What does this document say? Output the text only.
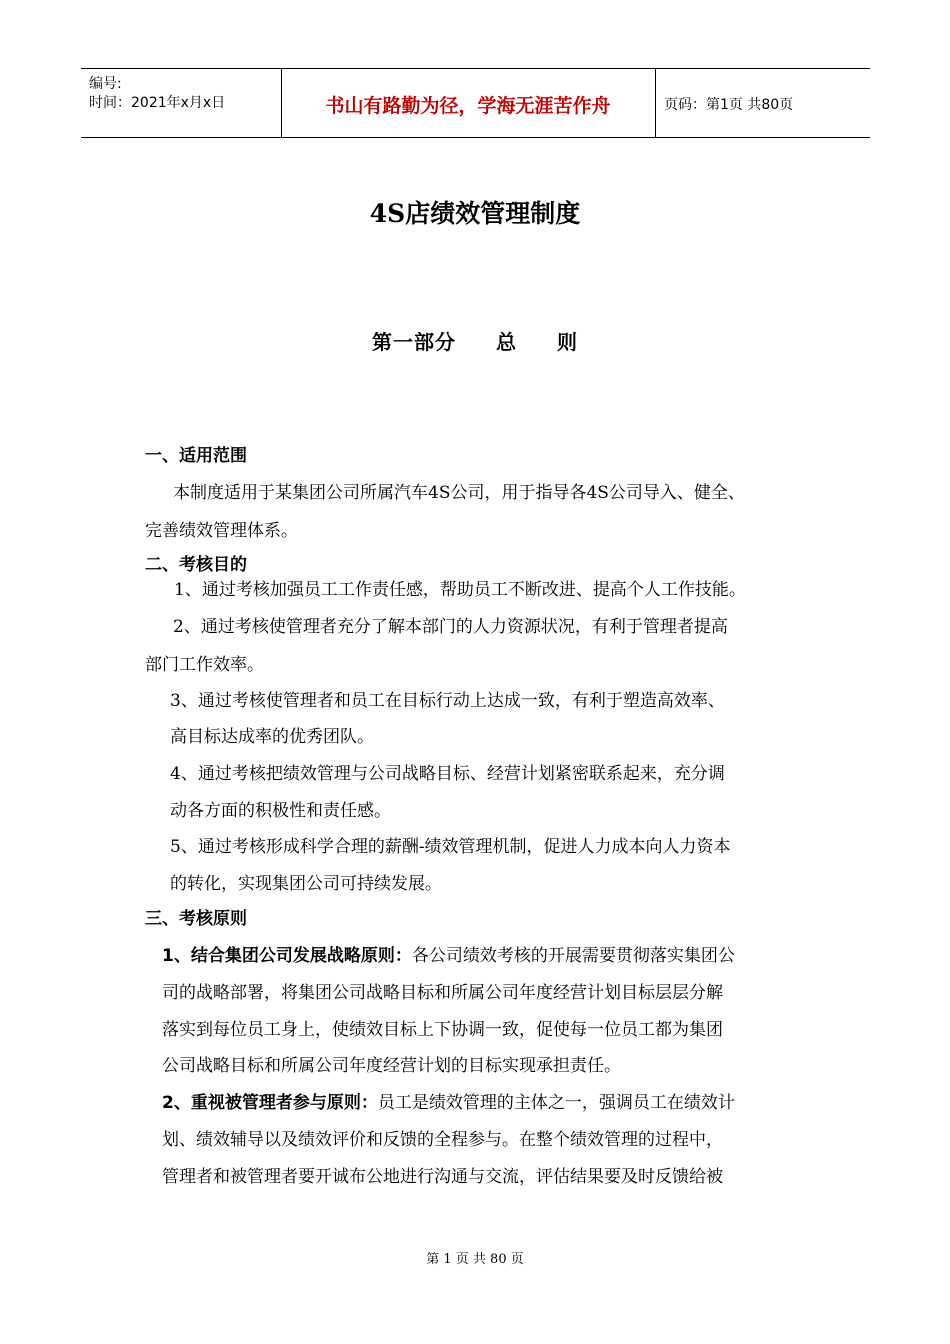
编号:
时间：2021年x月x日	书山有路勤为径，学海无涯苦作舟	页码：第1页 共80页
4S店绩效管理制度
第一部分 总 则
一、适用范围
本制度适用于某集团公司所属汽车4S公司，用于指导各4S公司导入、健全、
完善绩效管理体系。
二、考核目的
1、通过考核加强员工工作责任感，帮助员工不断改进、提高个人工作技能。
2、通过考核使管理者充分了解本部门的人力资源状况，有利于管理者提高
部门工作效率。
3、通过考核使管理者和员工在目标行动上达成一致，有利于塑造高效率、
高目标达成率的优秀团队。
4、通过考核把绩效管理与公司战略目标、经营计划紧密联系起来，充分调
动各方面的积极性和责任感。
5、通过考核形成科学合理的薪酬-绩效管理机制，促进人力成本向人力资本
的转化，实现集团公司可持续发展。
三、考核原则
1、结合集团公司发展战略原则：各公司绩效考核的开展需要贯彻落实集团公
司的战略部署，将集团公司战略目标和所属公司年度经营计划目标层层分解
落实到每位员工身上，使绩效目标上下协调一致，促使每一位员工都为集团
公司战略目标和所属公司年度经营计划的目标实现承担责任。
2、重视被管理者参与原则：员工是绩效管理的主体之一，强调员工在绩效计
划、绩效辅导以及绩效评价和反馈的全程参与。在整个绩效管理的过程中，
管理者和被管理者要开诚布公地进行沟通与交流，评估结果要及时反馈给被
第 1 页 共 80 页
